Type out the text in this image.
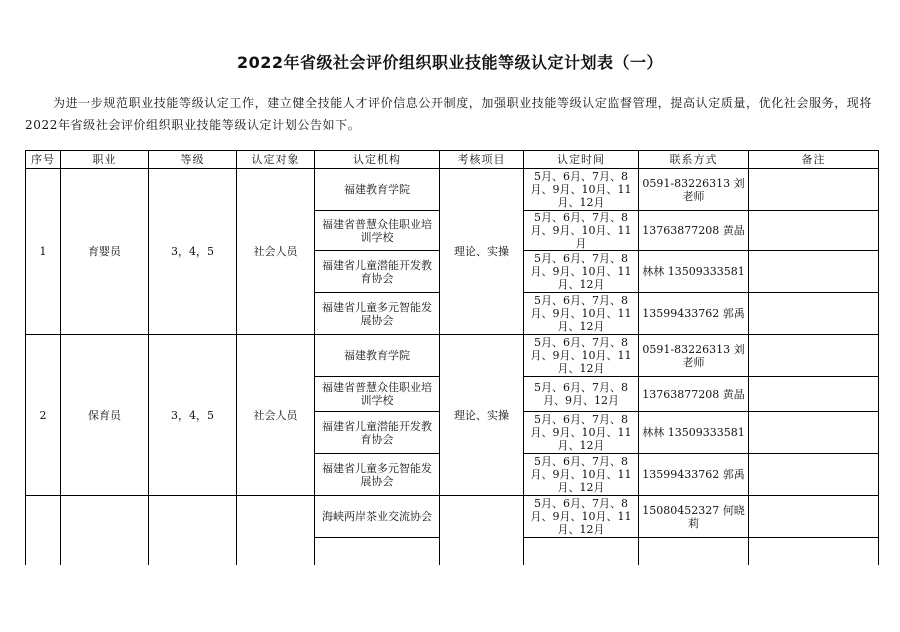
2022年省级社会评价组织职业技能等级认定计划表（一）

为进一步规范职业技能等级认定工作，建立健全技能人才评价信息公开制度，加强职业技能等级认定监督管理，提高认定质量，优化社会服务，现将2022年省级社会评价组织职业技能等级认定计划公告如下。

序号	职业	等级	认定对象	认定机构	考核项目	认定时间	联系方式	备注
1	育婴员	3，4，5	社会人员	福建教育学院	理论、实操	5月、6月、7月、8月、9月、10月、11月、12月	0591-83226313 刘老师	
				福建省普慧众佳职业培训学校		5月、6月、7月、8月、9月、10月、11月	13763877208 黄晶	
				福建省儿童潜能开发教育协会		5月、6月、7月、8月、9月、10月、11月、12月	林林 13509333581	
				福建省儿童多元智能发展协会		5月、6月、7月、8月、9月、10月、11月、12月	13599433762 郭禹	
2	保育员	3，4，5	社会人员	福建教育学院	理论、实操	5月、6月、7月、8月、9月、10月、11月、12月	0591-83226313 刘老师	
				福建省普慧众佳职业培训学校		5月、6月、7月、8月、9月、12月	13763877208 黄晶	
				福建省儿童潜能开发教育协会		5月、6月、7月、8月、9月、10月、11月、12月	林林 13509333581	
				福建省儿童多元智能发展协会		5月、6月、7月、8月、9月、10月、11月、12月	13599433762 郭禹	
				海峡两岸茶业交流协会		5月、6月、7月、8月、9月、10月、11月、12月	15080452327 何晓莉	
